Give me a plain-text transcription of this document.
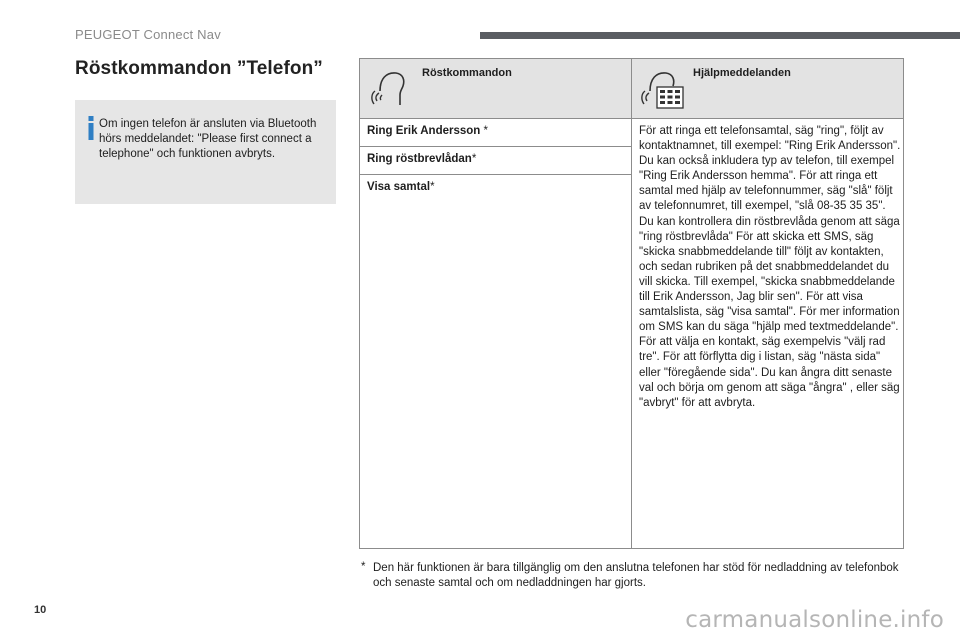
PEUGEOT Connect Nav
Röstkommandon ”Telefon”
Om ingen telefon är ansluten via Bluetooth hörs meddelandet: "Please first connect a telephone" och funktionen avbryts.
Röstkommandon	Hjälpmeddelanden
Ring Erik Andersson *
Ring röstbrevlådan*
Visa samtal*
För att ringa ett telefonsamtal, säg "ring", följt av kontaktnamnet, till exempel: "Ring Erik Andersson". Du kan också inkludera typ av telefon, till exempel "Ring Erik Andersson hemma". För att ringa ett samtal med hjälp av telefonnummer, säg "slå" följt av telefonnumret, till exempel, "slå 08-35 35 35". Du kan kontrollera din röstbrevlåda genom att säga "ring röstbrevlåda" För att skicka ett SMS, säg "skicka snabbmeddelande till" följt av kontakten, och sedan rubriken på det snabbmeddelandet du vill skicka. Till exempel, "skicka snabbmeddelande till Erik Andersson, Jag blir sen". För att visa samtalslista, säg "visa samtal". För mer information om SMS kan du säga "hjälp med textmeddelande". För att välja en kontakt, säg exempelvis "välj rad tre". För att förflytta dig i listan, säg "nästa sida" eller "föregående sida". Du kan ångra ditt senaste val och börja om genom att säga "ångra" , eller säg "avbryt" för att avbryta.
* Den här funktionen är bara tillgänglig om den anslutna telefonen har stöd för nedladdning av telefonbok och senaste samtal och om nedladdningen har gjorts.
10	carmanualsonline.info
